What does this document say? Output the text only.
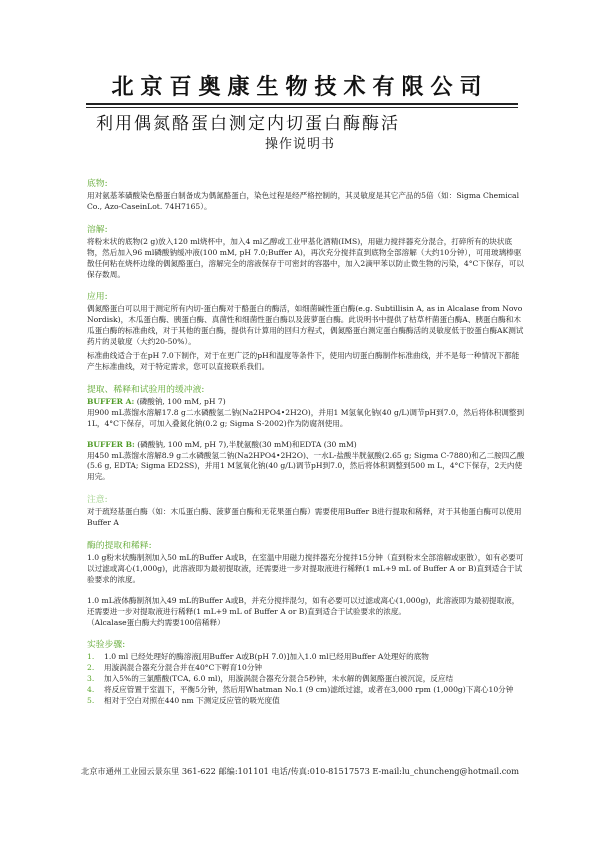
北京百奥康生物技术有限公司
利用偶氮酪蛋白测定内切蛋白酶酶活
操作说明书
底物:
用对氨基苯磺酸染色酪蛋白制备成为偶氮酪蛋白，染色过程是经严格控制的，其灵敏度是其它产品的5倍（如：Sigma Chemical Co., Azo-CaseinLot. 74H7165）。
溶解:
将粉末状的底物(2 g)放入120 ml烧杯中，加入4 ml乙醇或工业甲基化酒精(IMS)，用磁力搅拌器充分混合，打碎所有的块状底物，然后加入96 ml磷酸钠缓冲液(100 mM, pH 7.0;Buffer A)，再次充分搅拌直到底物全部溶解（大约10分钟），可用玻璃棒驱散任何粘在烧杯边缘的偶氮酪蛋白，溶解完全的溶液保存于可密封的容器中，加入2滴甲苯以防止微生物的污染，4°C下保存，可以保存数周。
应用:
偶氮酪蛋白可以用于测定所有内切-蛋白酶对于酪蛋白的酶活，如细菌碱性蛋白酶(e.g. Subtillisin A, as in Alcalase from Novo Nordisk)，木瓜蛋白酶、胰蛋白酶、真菌性和细菌性蛋白酶以及菠萝蛋白酶。此说明书中提供了枯草杆菌蛋白酶A、胰蛋白酶和木瓜蛋白酶的标准曲线，对于其他的蛋白酶，提供有计算用的回归方程式，偶氮酪蛋白测定蛋白酶酶活的灵敏度低于胶蛋白酶AK测试药片的灵敏度（大约20-50%）。
标准曲线适合于在pH 7.0下制作，对于在更广泛的pH和温度等条件下，使用内切蛋白酶制作标准曲线，并不是每一种情况下都能产生标准曲线，对于特定需求，您可以直接联系我们。
提取、稀释和试验用的缓冲液:
BUFFER A: (磷酸钠, 100 mM, pH 7)
用900 mL蒸馏水溶解17.8 g二水磷酸氢二钠(Na2HPO4•2H2O)，并用1 M氢氧化钠(40 g/L)调节pH到7.0，然后将体积调整到1L，4°C下保存，可加入叠氮化钠(0.2 g; Sigma S-2002)作为防腐剂使用。
BUFFER B: (磷酸钠, 100 mM, pH 7),半胱氨酸(30 mM)和EDTA (30 mM)
用450 mL蒸馏水溶解8.9 g二水磷酸氢二钠(Na2HPO4•2H2O)、一水L-盐酸半胱氨酸(2.65 g; Sigma C-7880)和乙二胺四乙酸(5.6 g, EDTA; Sigma ED2SS)，并用1 M氢氧化钠(40 g/L)调节pH到7.0，然后将体积调整到500 m L，4°C下保存，2天内使用完。
注意:
对于巯羟基蛋白酶（如：木瓜蛋白酶、菠萝蛋白酶和无花果蛋白酶）需要使用Buffer B进行提取和稀释，对于其他蛋白酶可以使用Buffer A
酶的提取和稀释:
1.0 g粉末状酶制剂加入50 mL的Buffer A或B，在室温中用磁力搅拌器充分搅拌15分钟（直到粉末全部溶解或驱散），如有必要可以过滤或离心(1,000g)，此溶液即为最初提取液，还需要进一步对提取液进行稀释(1 mL+9 mL of Buffer A or B)直到适合于试验要求的浓度。
1.0 mL液体酶制剂加入49 mL的Buffer A或B，并充分搅拌混匀，如有必要可以过滤或离心(1,000g)，此溶液即为最初提取液，还需要进一步对提取液进行稀释(1 mL+9 mL of Buffer A or B)直到适合于试验要求的浓度。
（Alcalase蛋白酶大约需要100倍稀释）
实验步骤:
1. 1.0 ml 已经处理好的酶溶液[用Buffer A或B(pH 7.0)]加入1.0 ml已经用Buffer A处理好的底物
2. 用漩涡混合器充分混合并在40°C下孵育10分钟
3. 加入5%的三氯醋酸(TCA, 6.0 ml)，用漩涡混合器充分混合5秒钟，未水解的偶氮酪蛋白被沉淀，反应结
4. 将反应管置于室温下，平衡5分钟，然后用Whatman No.1 (9 cm)滤纸过滤，或者在3,000 rpm (1,000g)下离心10分钟
5. 相对于空白对照在440 nm 下测定反应管的吸光度值
北京市通州工业园云景东里 361-622 邮编:101101 电话/传真:010-81517573 E-mail:lu_chuncheng@hotmail.com
